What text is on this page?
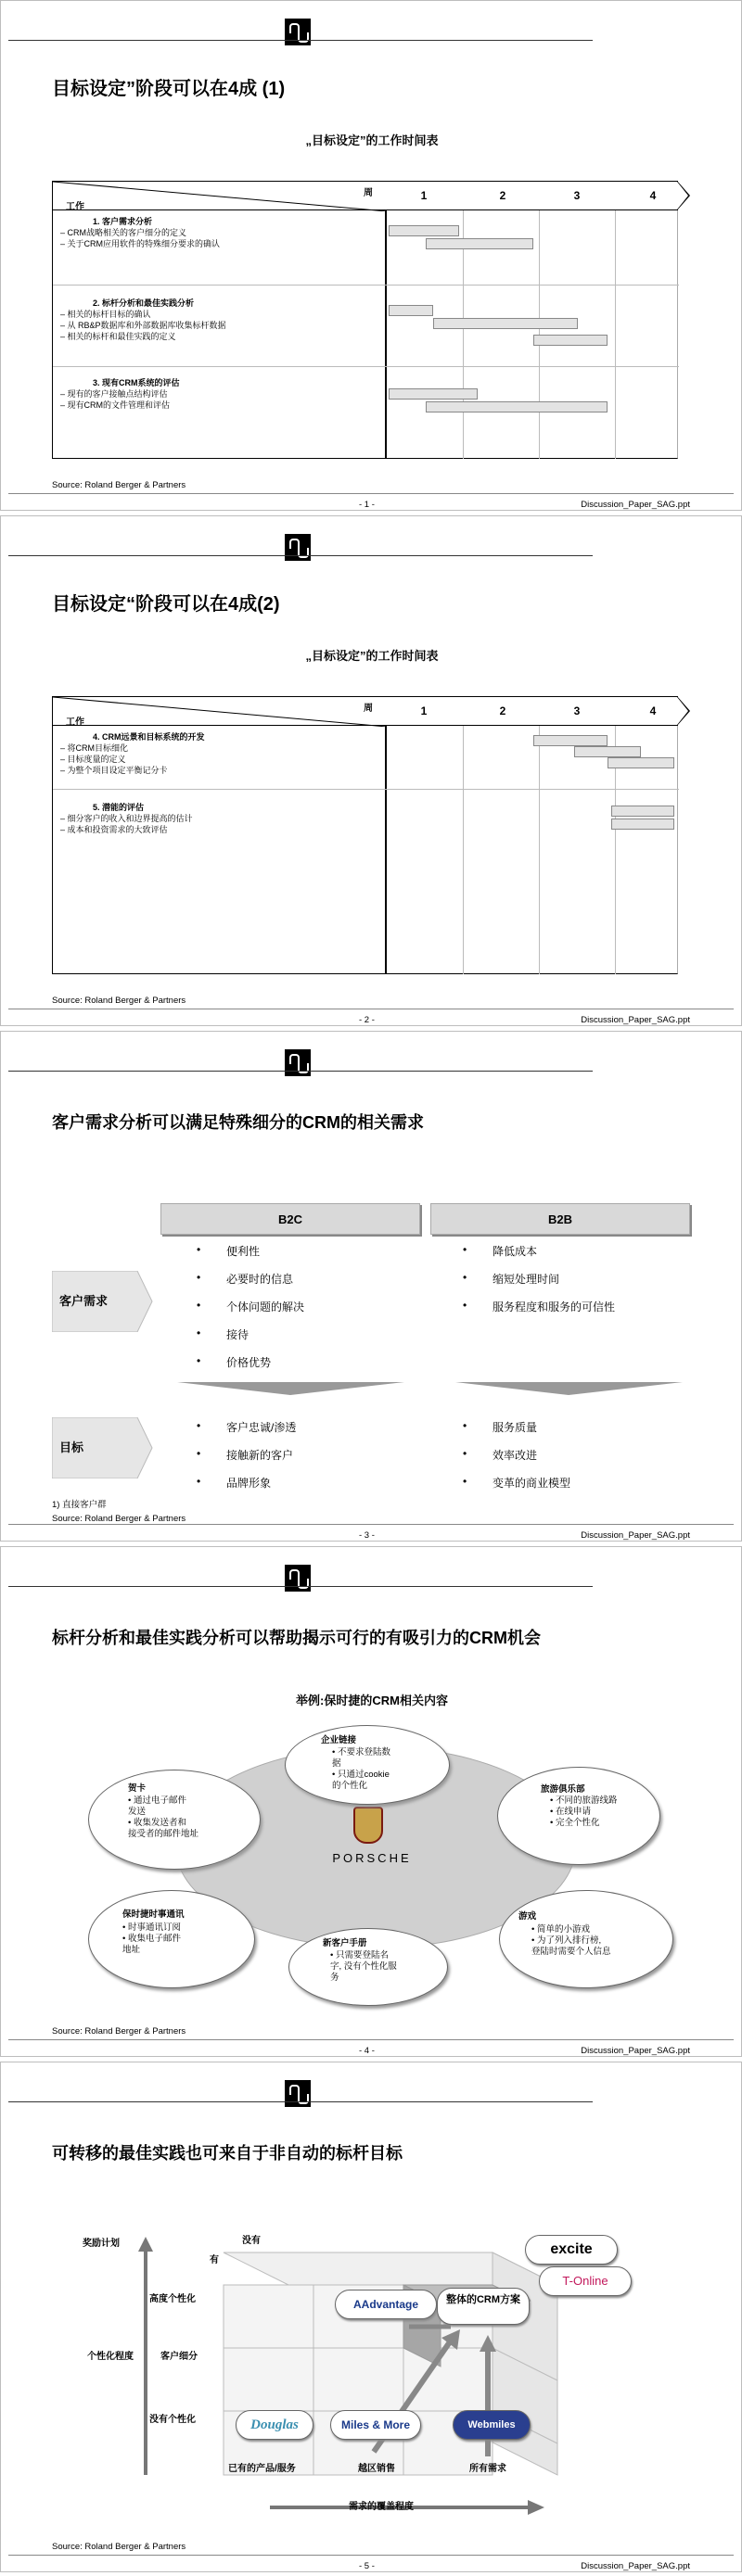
目标设定”阶段可以在4成 (1)
„目标设定”的工作时间表
工作
周	1	2	3	4
1. 客户需求分析
– CRM战略相关的客户细分的定义
– 关于CRM应用软件的特殊细分要求的确认
2. 标杆分析和最佳实践分析
– 相关的标杆目标的确认
– 从 RB&P数据库和外部数据库收集标杆数据
– 相关的标杆和最佳实践的定义
3. 现有CRM系统的评估
– 现有的客户接触点结构评估
– 现有CRM的文件管理和评估
Source: Roland Berger & Partners
- 1 -	Discussion_Paper_SAG.ppt
目标设定“阶段可以在4成(2)
„目标设定”的工作时间表
工作
周	1	2	3	4
4. CRM远景和目标系统的开发
– 将CRM目标细化
– 目标度量的定义
– 为整个项目设定平衡记分卡
5. 潜能的评估
– 细分客户的收入和边界提高的估计
– 成本和投资需求的大致评估
Source: Roland Berger & Partners
- 2 -	Discussion_Paper_SAG.ppt
客户需求分析可以满足特殊细分的CRM的相关需求
B2C	B2B
客户需求
• 便利性
• 必要时的信息
• 个体问题的解决
• 接待
• 价格优势
• 降低成本
• 缩短处理时间
• 服务程度和服务的可信性
目标
• 客户忠诚/渗透
• 接触新的客户
• 品牌形象
• 服务质量
• 效率改进
• 变革的商业模型
1) 直接客户群
Source: Roland Berger & Partners
- 3 -	Discussion_Paper_SAG.ppt
标杆分析和最佳实践分析可以帮助揭示可行的有吸引力的CRM机会
举例:保时捷的CRM相关内容
PORSCHE
企业链接
• 不要求登陆数
据
• 只通过cookie
的个性化	旅游俱乐部
• 不同的旅游线路
• 在线申请
• 完全个性化
游戏
• 简单的小游戏
• 为了列入排行榜,
登陆时需要个人信息
新客户手册
• 只需要登陆名
字, 没有个性化服
务
保时捷时事通讯
• 时事通讯订阅
• 收集电子邮件
地址
贺卡
• 通过电子邮件
发送
• 收集发送者和
接受者的邮件地址
Source: Roland Berger & Partners
- 4 -	Discussion_Paper_SAG.ppt
可转移的最佳实践也可来自于非自动的标杆目标
奖励计划	没有
有
高度个性化
个性化程度	客户细分
没有个性化
已有的产品/服务	越区销售	所有需求
需求的覆盖程度
AAdvantage	整体的CRM方案
excite
T-Online
Douglas	Miles & More	Webmiles
Source: Roland Berger & Partners
- 5 -	Discussion_Paper_SAG.ppt
